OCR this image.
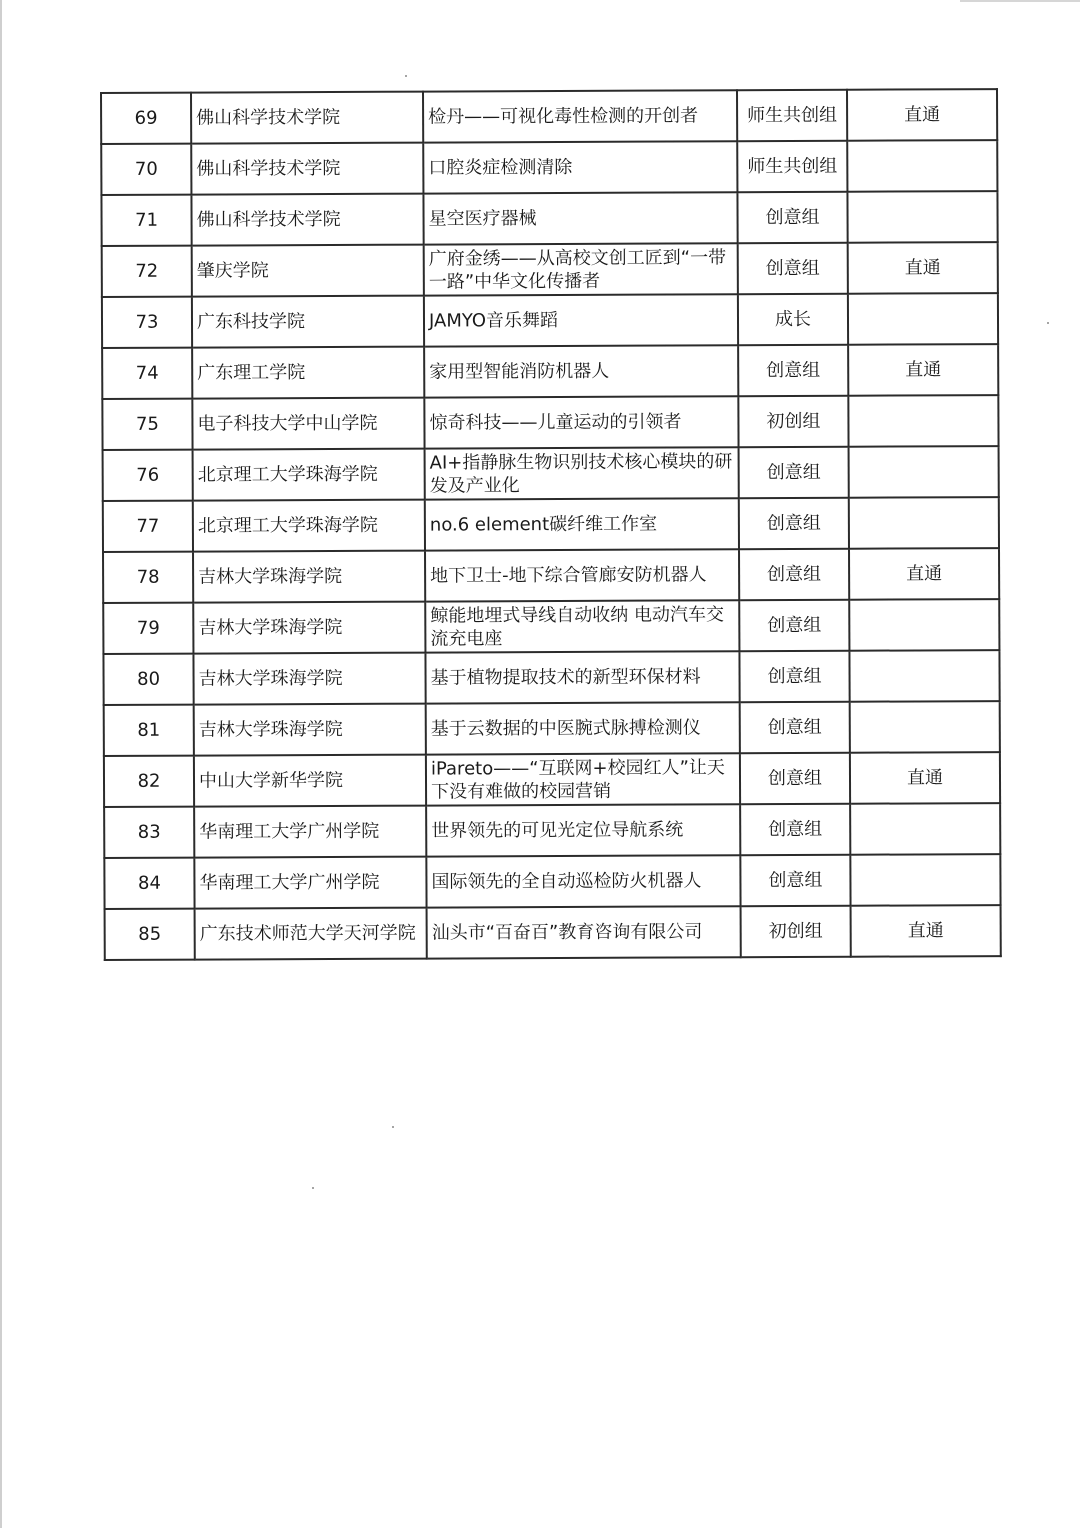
69	佛山科学技术学院	检丹——可视化毒性检测的开创者	师生共创组	直通
70	佛山科学技术学院	口腔炎症检测清除	师生共创组	
71	佛山科学技术学院	星空医疗器械	创意组	
72	肇庆学院	广府金绣——从高校文创工匠到“一带一路”中华文化传播者	创意组	直通
73	广东科技学院	JAMYO音乐舞蹈	成长	
74	广东理工学院	家用型智能消防机器人	创意组	直通
75	电子科技大学中山学院	惊奇科技——儿童运动的引领者	初创组	
76	北京理工大学珠海学院	AI+指静脉生物识别技术核心模块的研发及产业化	创意组	
77	北京理工大学珠海学院	no.6 element碳纤维工作室	创意组	
78	吉林大学珠海学院	地下卫士-地下综合管廊安防机器人	创意组	直通
79	吉林大学珠海学院	鲸能地埋式导线自动收纳 电动汽车交流充电座	创意组	
80	吉林大学珠海学院	基于植物提取技术的新型环保材料	创意组	
81	吉林大学珠海学院	基于云数据的中医腕式脉搏检测仪	创意组	
82	中山大学新华学院	iPareto——“互联网+校园红人”让天下没有难做的校园营销	创意组	直通
83	华南理工大学广州学院	世界领先的可见光定位导航系统	创意组	
84	华南理工大学广州学院	国际领先的全自动巡检防火机器人	创意组	
85	广东技术师范大学天河学院	汕头市“百奋百”教育咨询有限公司	初创组	直通
